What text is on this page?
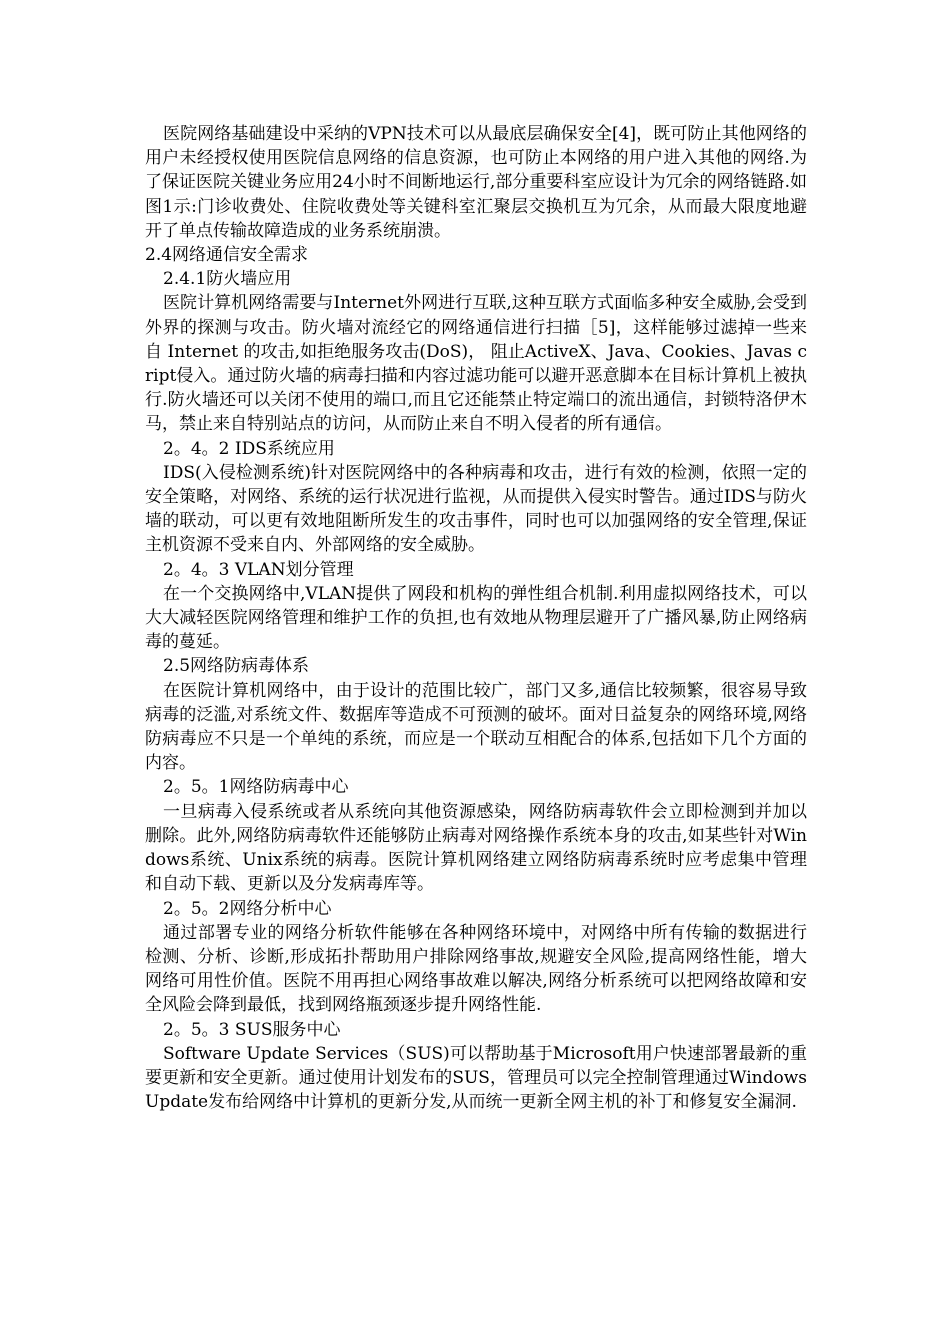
医院网络基础建设中采纳的VPN技术可以从最底层确保安全[4]，既可防止其他网络的用户未经授权使用医院信息网络的信息资源，也可防止本网络的用户进入其他的网络.为了保证医院关键业务应用24小时不间断地运行,部分重要科室应设计为冗余的网络链路.如图1示:门诊收费处、住院收费处等关键科室汇聚层交换机互为冗余，从而最大限度地避开了单点传输故障造成的业务系统崩溃。

2.4网络通信安全需求

2.4.1防火墙应用

医院计算机网络需要与Internet外网进行互联,这种互联方式面临多种安全威胁,会受到外界的探测与攻击。防火墙对流经它的网络通信进行扫描［5]，这样能够过滤掉一些来自 Internet 的攻击,如拒绝服务攻击(DoS)， 阻止ActiveX、Java、Cookies、Javas cript侵入。通过防火墙的病毒扫描和内容过滤功能可以避开恶意脚本在目标计算机上被执行.防火墙还可以关闭不使用的端口,而且它还能禁止特定端口的流出通信，封锁特洛伊木马，禁止来自特别站点的访问，从而防止来自不明入侵者的所有通信。

2。4。2 IDS系统应用

IDS(入侵检测系统)针对医院网络中的各种病毒和攻击，进行有效的检测，依照一定的安全策略，对网络、系统的运行状况进行监视，从而提供入侵实时警告。通过IDS与防火墙的联动，可以更有效地阻断所发生的攻击事件，同时也可以加强网络的安全管理,保证主机资源不受来自内、外部网络的安全威胁。

2。4。3 VLAN划分管理

在一个交换网络中,VLAN提供了网段和机构的弹性组合机制.利用虚拟网络技术，可以大大减轻医院网络管理和维护工作的负担,也有效地从物理层避开了广播风暴,防止网络病毒的蔓延。

2.5网络防病毒体系

在医院计算机网络中，由于设计的范围比较广，部门又多,通信比较频繁，很容易导致病毒的泛滥,对系统文件、数据库等造成不可预测的破坏。面对日益复杂的网络环境,网络防病毒应不只是一个单纯的系统，而应是一个联动互相配合的体系,包括如下几个方面的内容。

2。5。1网络防病毒中心

一旦病毒入侵系统或者从系统向其他资源感染，网络防病毒软件会立即检测到并加以删除。此外,网络防病毒软件还能够防止病毒对网络操作系统本身的攻击,如某些针对Windows系统、Unix系统的病毒。医院计算机网络建立网络防病毒系统时应考虑集中管理和自动下载、更新以及分发病毒库等。

2。5。2网络分析中心

通过部署专业的网络分析软件能够在各种网络环境中，对网络中所有传输的数据进行检测、分析、诊断,形成拓扑帮助用户排除网络事故,规避安全风险,提高网络性能，增大网络可用性价值。医院不用再担心网络事故难以解决,网络分析系统可以把网络故障和安全风险会降到最低，找到网络瓶颈逐步提升网络性能.

2。5。3 SUS服务中心

Software Update Services（SUS)可以帮助基于Microsoft用户快速部署最新的重要更新和安全更新。通过使用计划发布的SUS，管理员可以完全控制管理通过Windows Update发布给网络中计算机的更新分发,从而统一更新全网主机的补丁和修复安全漏洞.
